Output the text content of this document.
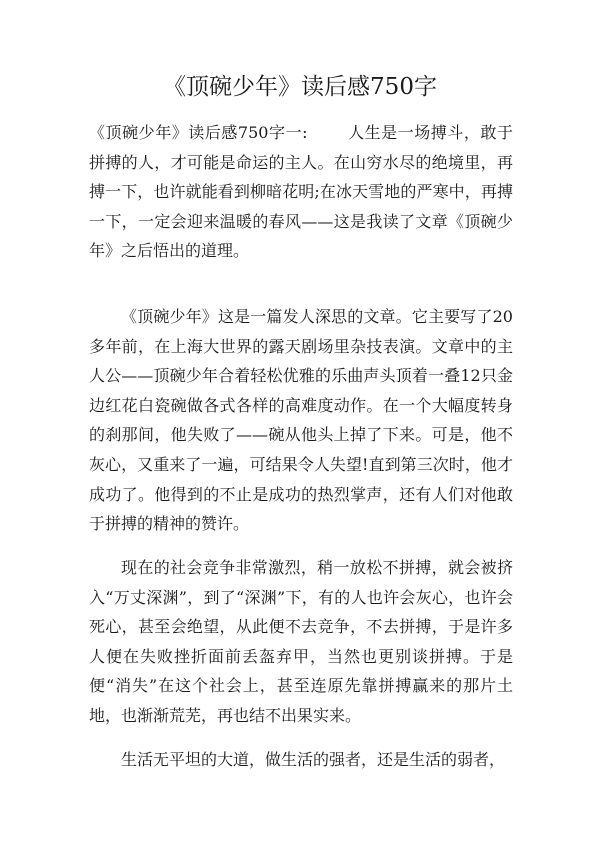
《顶碗少年》读后感750字

《顶碗少年》读后感750字一:	人生是一场搏斗，敢于拼搏的人，才可能是命运的主人。在山穷水尽的绝境里，再搏一下，也许就能看到柳暗花明;在冰天雪地的严寒中，再搏一下，一定会迎来温暖的春风——这是我读了文章《顶碗少年》之后悟出的道理。

《顶碗少年》这是一篇发人深思的文章。它主要写了20多年前，在上海大世界的露天剧场里杂技表演。文章中的主人公——顶碗少年合着轻松优雅的乐曲声头顶着一叠12只金边红花白瓷碗做各式各样的高难度动作。在一个大幅度转身的刹那间，他失败了——碗从他头上掉了下来。可是，他不灰心，又重来了一遍，可结果令人失望!直到第三次时，他才成功了。他得到的不止是成功的热烈掌声，还有人们对他敢于拼搏的精神的赞许。

现在的社会竞争非常激烈，稍一放松不拼搏，就会被挤入“万丈深渊”，到了“深渊”下，有的人也许会灰心，也许会死心，甚至会绝望，从此便不去竞争，不去拼搏，于是许多人便在失败挫折面前丢盔弃甲，当然也更别谈拼搏。于是便“消失”在这个社会上，甚至连原先靠拼搏赢来的那片土地，也渐渐荒芜，再也结不出果实来。

生活无平坦的大道，做生活的强者，还是生活的弱者，
